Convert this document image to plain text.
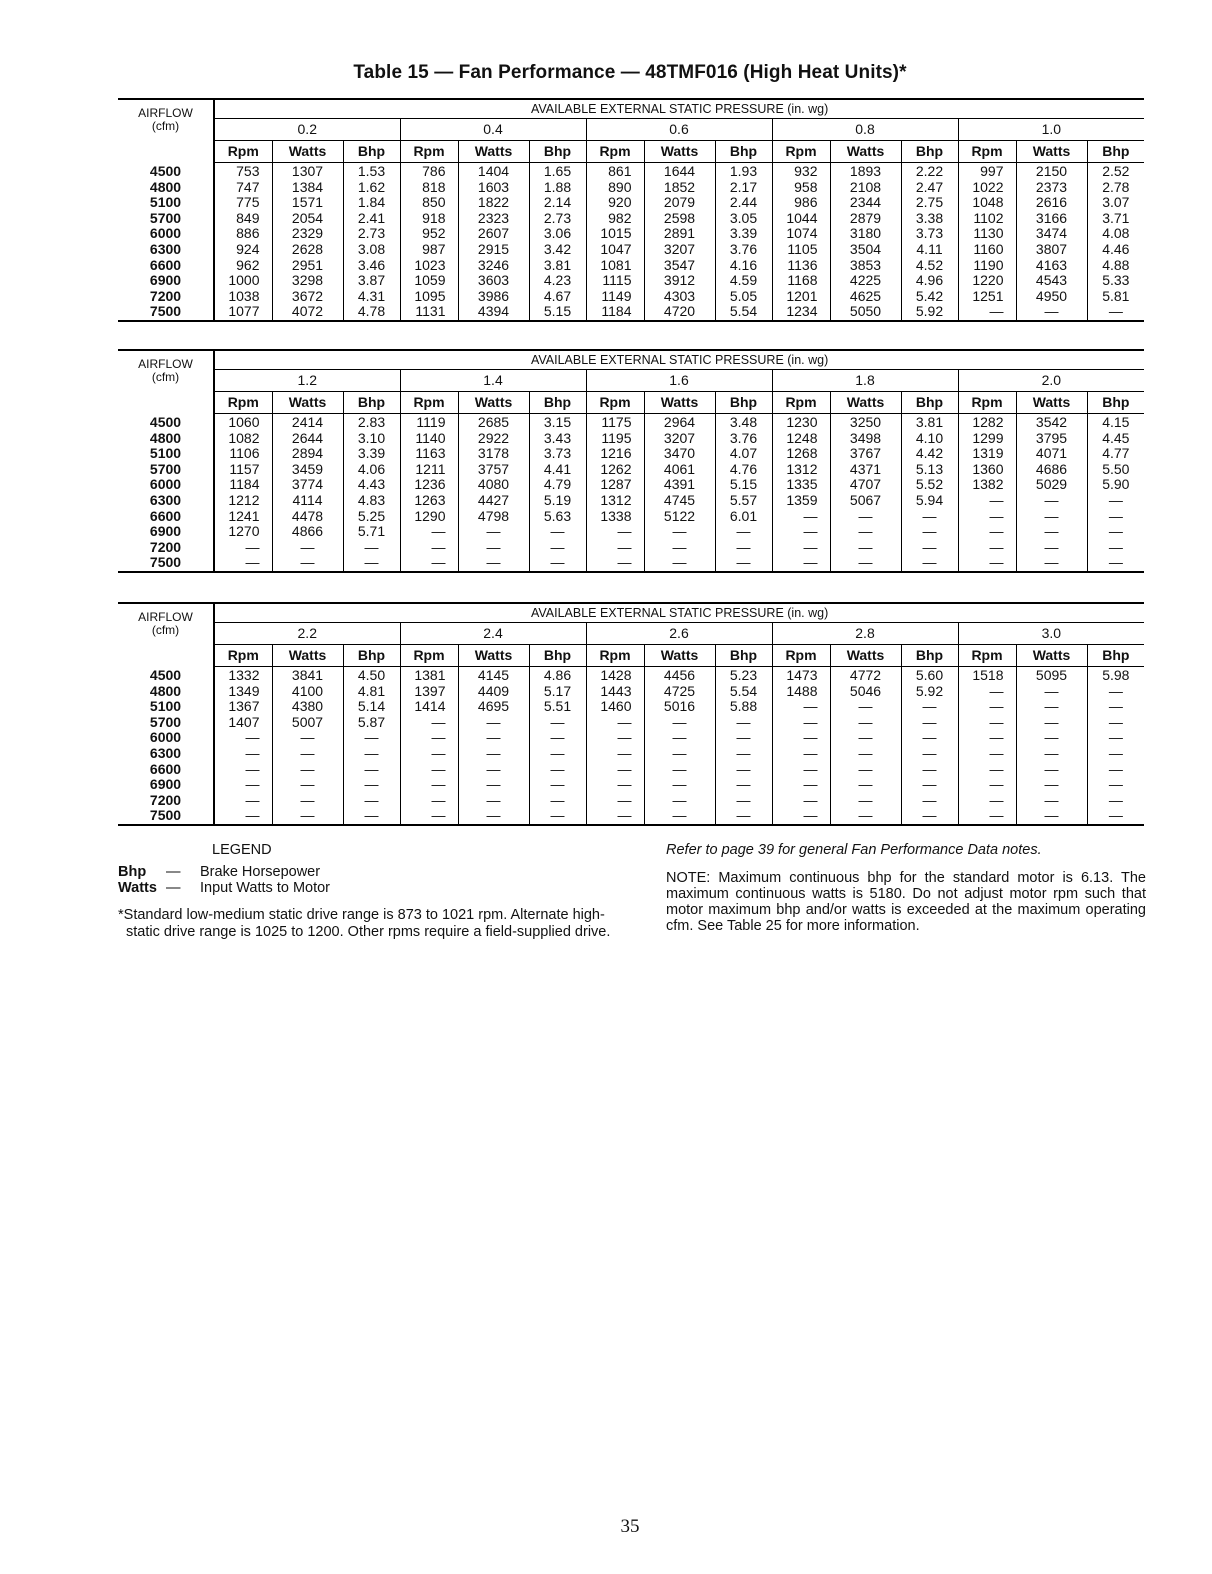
Table 15 — Fan Performance — 48TMF016 (High Heat Units)*
AIRFLOW
(cfm)	AVAILABLE EXTERNAL STATIC PRESSURE (in. wg)														
	0.2			0.4			0.6			0.8			1.0		
	Rpm	Watts	Bhp	Rpm	Watts	Bhp	Rpm	Watts	Bhp	Rpm	Watts	Bhp	Rpm	Watts	Bhp
4500	753	1307	1.53	786	1404	1.65	861	1644	1.93	932	1893	2.22	997	2150	2.52
4800	747	1384	1.62	818	1603	1.88	890	1852	2.17	958	2108	2.47	1022	2373	2.78
5100	775	1571	1.84	850	1822	2.14	920	2079	2.44	986	2344	2.75	1048	2616	3.07
5700	849	2054	2.41	918	2323	2.73	982	2598	3.05	1044	2879	3.38	1102	3166	3.71
6000	886	2329	2.73	952	2607	3.06	1015	2891	3.39	1074	3180	3.73	1130	3474	4.08
6300	924	2628	3.08	987	2915	3.42	1047	3207	3.76	1105	3504	4.11	1160	3807	4.46
6600	962	2951	3.46	1023	3246	3.81	1081	3547	4.16	1136	3853	4.52	1190	4163	4.88
6900	1000	3298	3.87	1059	3603	4.23	1115	3912	4.59	1168	4225	4.96	1220	4543	5.33
7200	1038	3672	4.31	1095	3986	4.67	1149	4303	5.05	1201	4625	5.42	1251	4950	5.81
7500	1077	4072	4.78	1131	4394	5.15	1184	4720	5.54	1234	5050	5.92	—	—	—
AIRFLOW
(cfm)	AVAILABLE EXTERNAL STATIC PRESSURE (in. wg)														
	1.2			1.4			1.6			1.8			2.0		
	Rpm	Watts	Bhp	Rpm	Watts	Bhp	Rpm	Watts	Bhp	Rpm	Watts	Bhp	Rpm	Watts	Bhp
4500	1060	2414	2.83	1119	2685	3.15	1175	2964	3.48	1230	3250	3.81	1282	3542	4.15
4800	1082	2644	3.10	1140	2922	3.43	1195	3207	3.76	1248	3498	4.10	1299	3795	4.45
5100	1106	2894	3.39	1163	3178	3.73	1216	3470	4.07	1268	3767	4.42	1319	4071	4.77
5700	1157	3459	4.06	1211	3757	4.41	1262	4061	4.76	1312	4371	5.13	1360	4686	5.50
6000	1184	3774	4.43	1236	4080	4.79	1287	4391	5.15	1335	4707	5.52	1382	5029	5.90
6300	1212	4114	4.83	1263	4427	5.19	1312	4745	5.57	1359	5067	5.94	—	—	—
6600	1241	4478	5.25	1290	4798	5.63	1338	5122	6.01	—	—	—	—	—	—
6900	1270	4866	5.71	—	—	—	—	—	—	—	—	—	—	—	—
7200	—	—	—	—	—	—	—	—	—	—	—	—	—	—	—
7500	—	—	—	—	—	—	—	—	—	—	—	—	—	—	—
AIRFLOW
(cfm)	AVAILABLE EXTERNAL STATIC PRESSURE (in. wg)														
	2.2			2.4			2.6			2.8			3.0		
	Rpm	Watts	Bhp	Rpm	Watts	Bhp	Rpm	Watts	Bhp	Rpm	Watts	Bhp	Rpm	Watts	Bhp
4500	1332	3841	4.50	1381	4145	4.86	1428	4456	5.23	1473	4772	5.60	1518	5095	5.98
4800	1349	4100	4.81	1397	4409	5.17	1443	4725	5.54	1488	5046	5.92	—	—	—
5100	1367	4380	5.14	1414	4695	5.51	1460	5016	5.88	—	—	—	—	—	—
5700	1407	5007	5.87	—	—	—	—	—	—	—	—	—	—	—	—
6000	—	—	—	—	—	—	—	—	—	—	—	—	—	—	—
6300	—	—	—	—	—	—	—	—	—	—	—	—	—	—	—
6600	—	—	—	—	—	—	—	—	—	—	—	—	—	—	—
6900	—	—	—	—	—	—	—	—	—	—	—	—	—	—	—
7200	—	—	—	—	—	—	—	—	—	—	—	—	—	—	—
7500	—	—	—	—	—	—	—	—	—	—	—	—	—	—	—
LEGEND
Bhp — Brake Horsepower
Watts — Input Watts to Motor
*Standard low-medium static drive range is 873 to 1021 rpm. Alternate high-static drive range is 1025 to 1200. Other rpms require a field-supplied drive.
Refer to page 39 for general Fan Performance Data notes.
NOTE: Maximum continuous bhp for the standard motor is 6.13. The maximum continuous watts is 5180. Do not adjust motor rpm such that motor maximum bhp and/or watts is exceeded at the maximum operating cfm. See Table 25 for more information.
35
